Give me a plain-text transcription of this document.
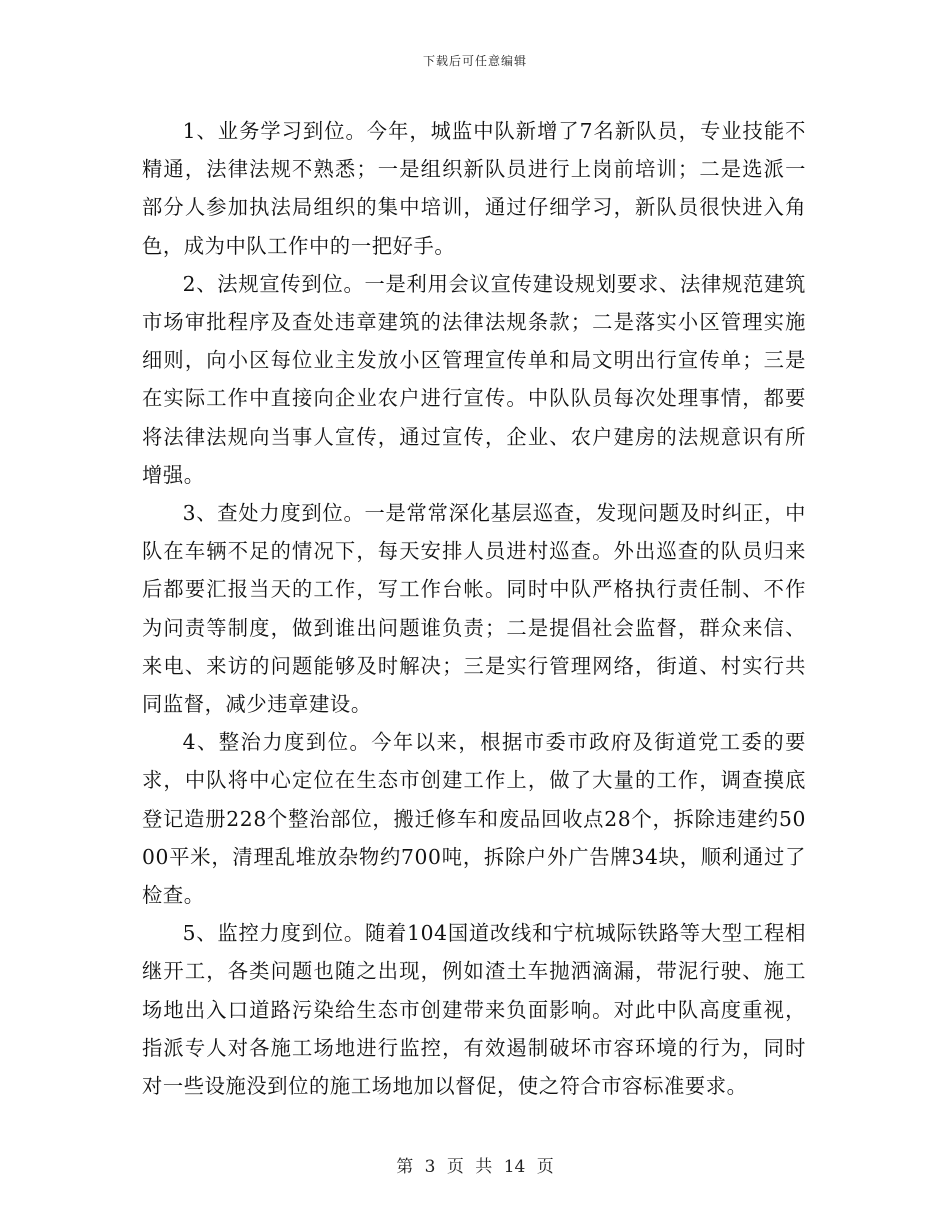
下载后可任意编辑

1、业务学习到位。今年，城监中队新增了7名新队员，专业技能不精通，法律法规不熟悉；一是组织新队员进行上岗前培训；二是选派一部分人参加执法局组织的集中培训，通过仔细学习，新队员很快进入角色，成为中队工作中的一把好手。

2、法规宣传到位。一是利用会议宣传建设规划要求、法律规范建筑市场审批程序及查处违章建筑的法律法规条款；二是落实小区管理实施细则，向小区每位业主发放小区管理宣传单和局文明出行宣传单；三是在实际工作中直接向企业农户进行宣传。中队队员每次处理事情，都要将法律法规向当事人宣传，通过宣传，企业、农户建房的法规意识有所增强。

3、查处力度到位。一是常常深化基层巡查，发现问题及时纠正，中队在车辆不足的情况下，每天安排人员进村巡查。外出巡查的队员归来后都要汇报当天的工作，写工作台帐。同时中队严格执行责任制、不作为问责等制度，做到谁出问题谁负责；二是提倡社会监督，群众来信、来电、来访的问题能够及时解决；三是实行管理网络，街道、村实行共同监督，减少违章建设。

4、整治力度到位。今年以来，根据市委市政府及街道党工委的要求，中队将中心定位在生态市创建工作上，做了大量的工作，调查摸底登记造册228个整治部位，搬迁修车和废品回收点28个，拆除违建约5000平米，清理乱堆放杂物约700吨，拆除户外广告牌34块，顺利通过了检查。

5、监控力度到位。随着104国道改线和宁杭城际铁路等大型工程相继开工，各类问题也随之出现，例如渣土车抛洒滴漏，带泥行驶、施工场地出入口道路污染给生态市创建带来负面影响。对此中队高度重视，指派专人对各施工场地进行监控，有效遏制破坏市容环境的行为，同时对一些设施没到位的施工场地加以督促，使之符合市容标准要求。

第 3 页 共 14 页
